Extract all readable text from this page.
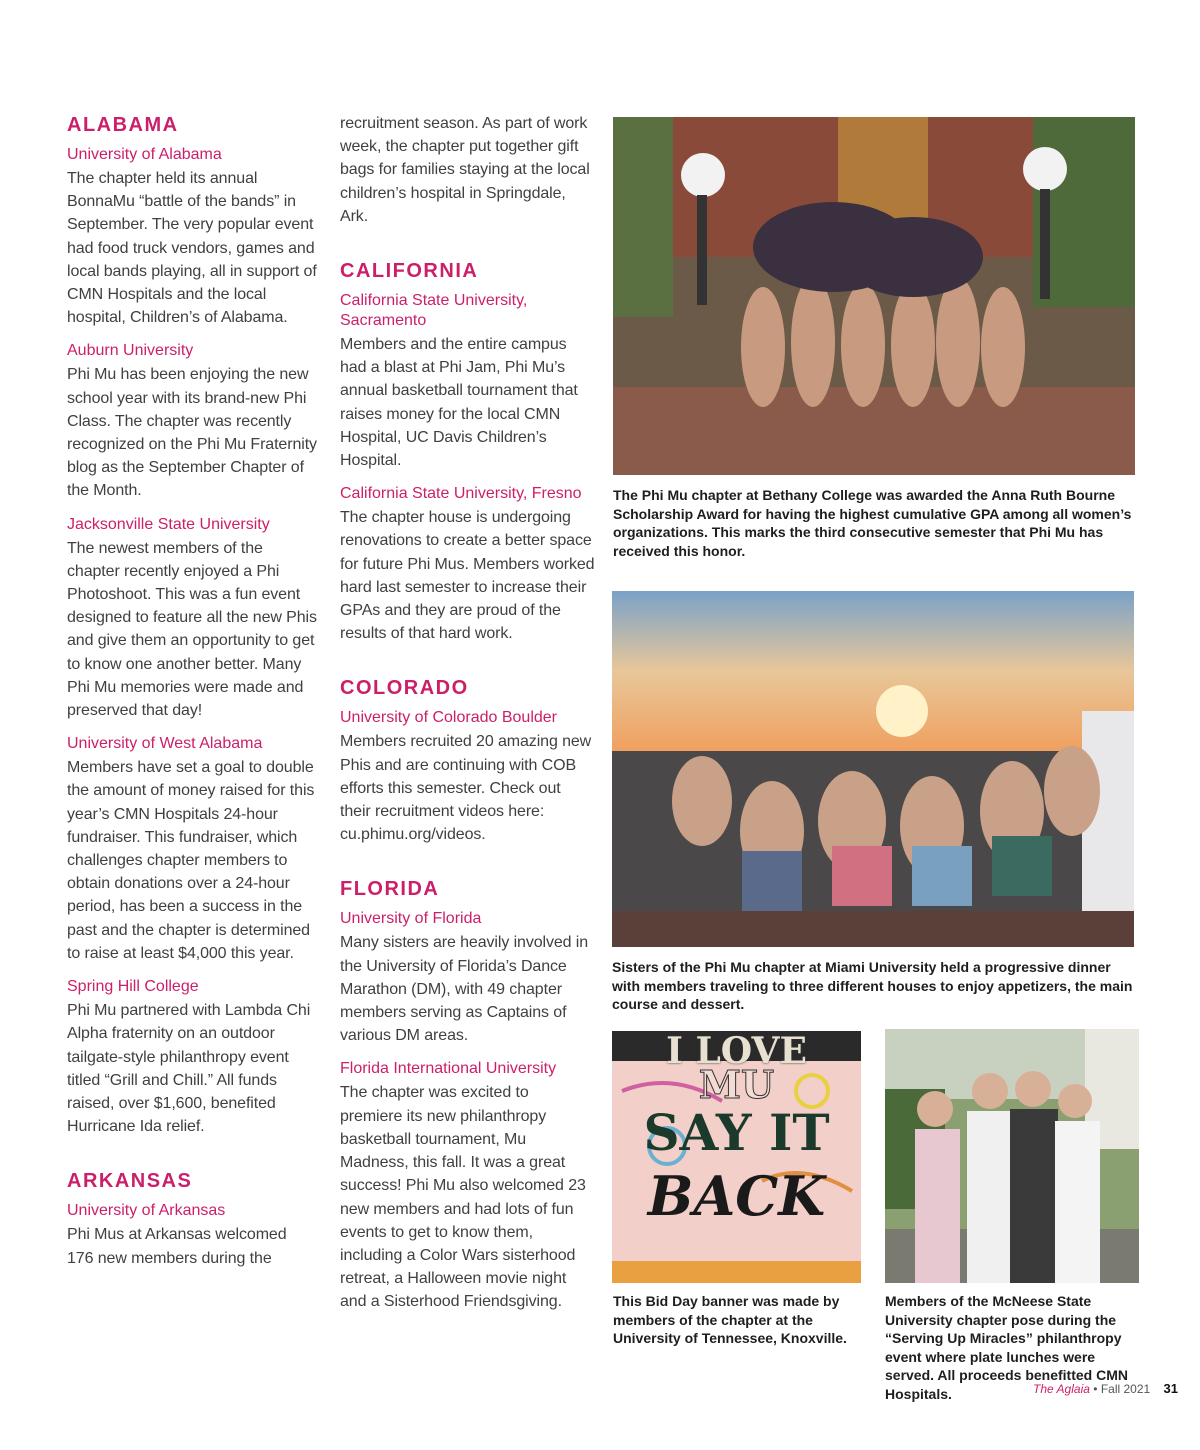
ALABAMA

University of Alabama

The chapter held its annual BonnaMu “battle of the bands” in September. The very popular event had food truck vendors, games and local bands playing, all in support of CMN Hospitals and the local hospital, Children’s of Alabama.

Auburn University

Phi Mu has been enjoying the new school year with its brand-new Phi Class. The chapter was recently recognized on the Phi Mu Fraternity blog as the September Chapter of the Month.

Jacksonville State University

The newest members of the chapter recently enjoyed a Phi Photoshoot. This was a fun event designed to feature all the new Phis and give them an opportunity to get to know one another better. Many Phi Mu memories were made and preserved that day!

University of West Alabama

Members have set a goal to double the amount of money raised for this year’s CMN Hospitals 24-hour fundraiser. This fundraiser, which challenges chapter members to obtain donations over a 24-hour period, has been a success in the past and the chapter is determined to raise at least $4,000 this year.

Spring Hill College

Phi Mu partnered with Lambda Chi Alpha fraternity on an outdoor tailgate-style philanthropy event titled “Grill and Chill.” All funds raised, over $1,600, benefited Hurricane Ida relief.

ARKANSAS

University of Arkansas

Phi Mus at Arkansas welcomed 176 new members during the

recruitment season. As part of work week, the chapter put together gift bags for families staying at the local children’s hospital in Springdale, Ark.

CALIFORNIA

California State University, Sacramento

Members and the entire campus had a blast at Phi Jam, Phi Mu’s annual basketball tournament that raises money for the local CMN Hospital, UC Davis Children’s Hospital.

California State University, Fresno

The chapter house is undergoing renovations to create a better space for future Phi Mus. Members worked hard last semester to increase their GPAs and they are proud of the results of that hard work.

COLORADO

University of Colorado Boulder

Members recruited 20 amazing new Phis and are continuing with COB efforts this semester. Check out their recruitment videos here: cu.phimu.org/videos.

FLORIDA

University of Florida

Many sisters are heavily involved in the University of Florida’s Dance Marathon (DM), with 49 chapter members serving as Captains of various DM areas.

Florida International University

The chapter was excited to premiere its new philanthropy basketball tournament, Mu Madness, this fall. It was a great success! Phi Mu also welcomed 23 new members and had lots of fun events to get to know them, including a Color Wars sisterhood retreat, a Halloween movie night and a Sisterhood Friendsgiving.

The Phi Mu chapter at Bethany College was awarded the Anna Ruth Bourne Scholarship Award for having the highest cumulative GPA among all women’s organizations. This marks the third consecutive semester that Phi Mu has received this honor.
Sisters of the Phi Mu chapter at Miami University held a progressive dinner with members traveling to three different houses to enjoy appetizers, the main course and dessert.
I LOVE
MU
SAY IT
BACK
This Bid Day banner was made by members of the chapter at the University of Tennessee, Knoxville.
Members of the McNeese State University chapter pose during the “Serving Up Miracles” philanthropy event where plate lunches were served. All proceeds benefitted CMN Hospitals.	The Aglaia • Fall 2021 31
